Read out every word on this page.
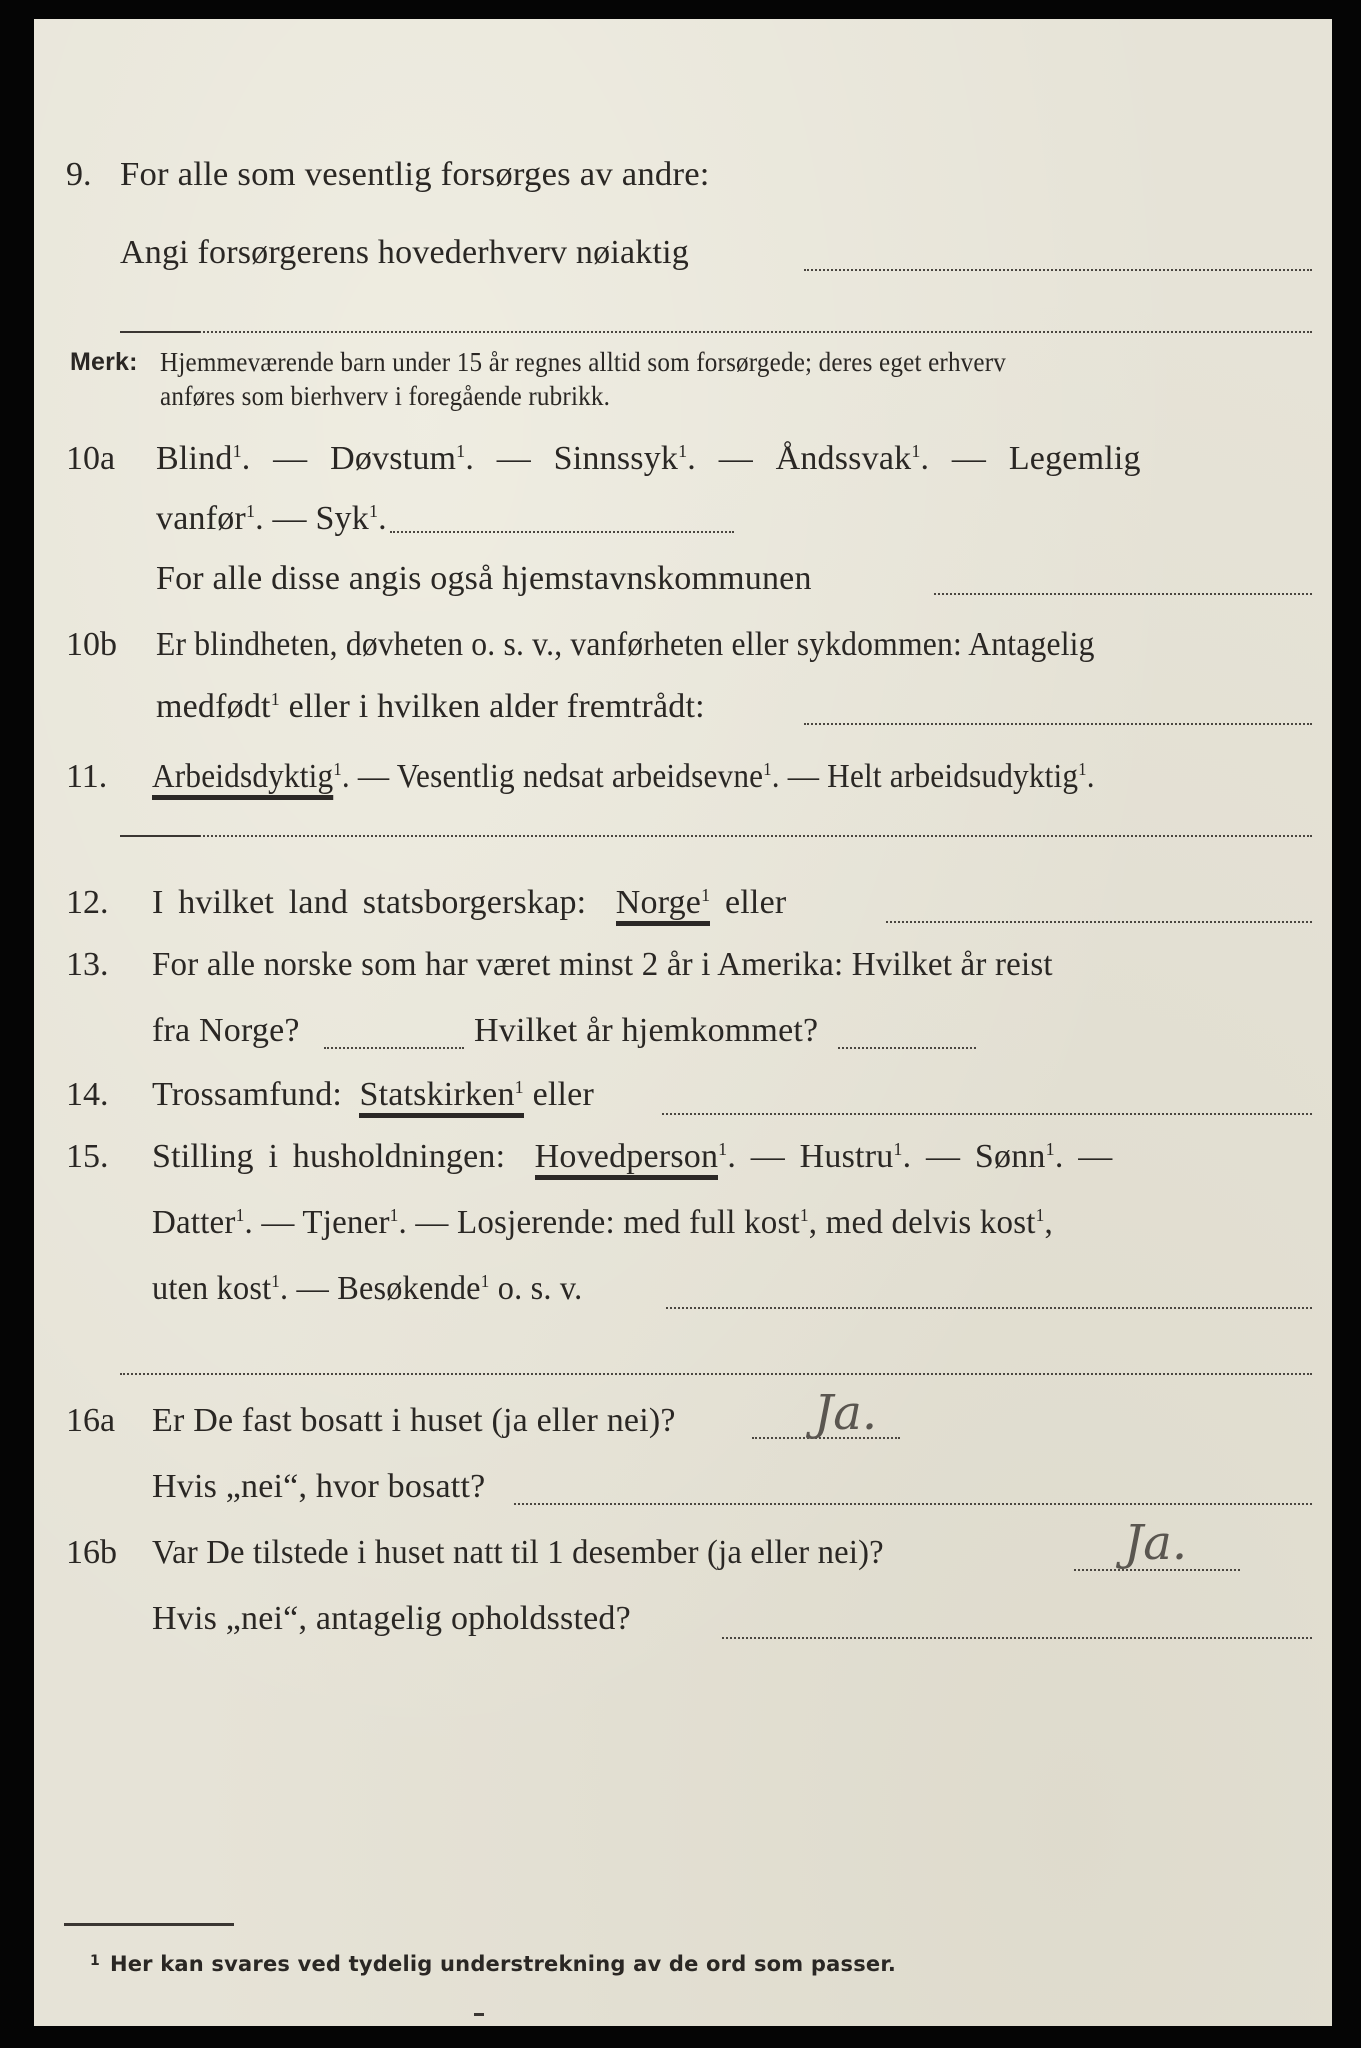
9. For alle som vesentlig forsørges av andre:
Angi forsørgerens hovederhverv nøiaktig
Merk: Hjemmeværende barn under 15 år regnes alltid som forsørgede; deres eget erhverv
anføres som bierhverv i foregående rubrikk.
10a Blind$^1$. — Døvstum$^1$. — Sinnssyk$^1$. — Åndssvak$^1$. — Legemlig
vanfør$^1$. — Syk$^1$.
For alle disse angis også hjemstavnskommunen
10b Er blindheten, døvheten o. s. v., vanførheten eller sykdommen: Antagelig
medfødt$^1$ eller i hvilken alder fremtrådt:
11. Arbeidsdyktig$^1$. — Vesentlig nedsat arbeidsevne$^1$. — Helt arbeidsudyktig$^1$.
12. I hvilket land statsborgerskap: Norge$^1$ eller
13. For alle norske som har været minst 2 år i Amerika: Hvilket år reist
fra Norge?	Hvilket år hjemkommet?
14. Trossamfund: Statskirken$^1$ eller
15. Stilling i husholdningen: Hovedperson$^1$. — Hustru$^1$. — Sønn$^1$. —
Datter$^1$. — Tjener$^1$. — Losjerende: med full kost$^1$, med delvis kost$^1$,
uten kost$^1$. — Besøkende$^1$ o. s. v.
16a Er De fast bosatt i huset (ja eller nei)?	Ja.
Hvis „nei“, hvor bosatt?
16b Var De tilstede i huset natt til 1 desember (ja eller nei)?	Ja.
Hvis „nei“, antagelig opholdssted?
$^1$ Her kan svares ved tydelig understrekning av de ord som passer.
